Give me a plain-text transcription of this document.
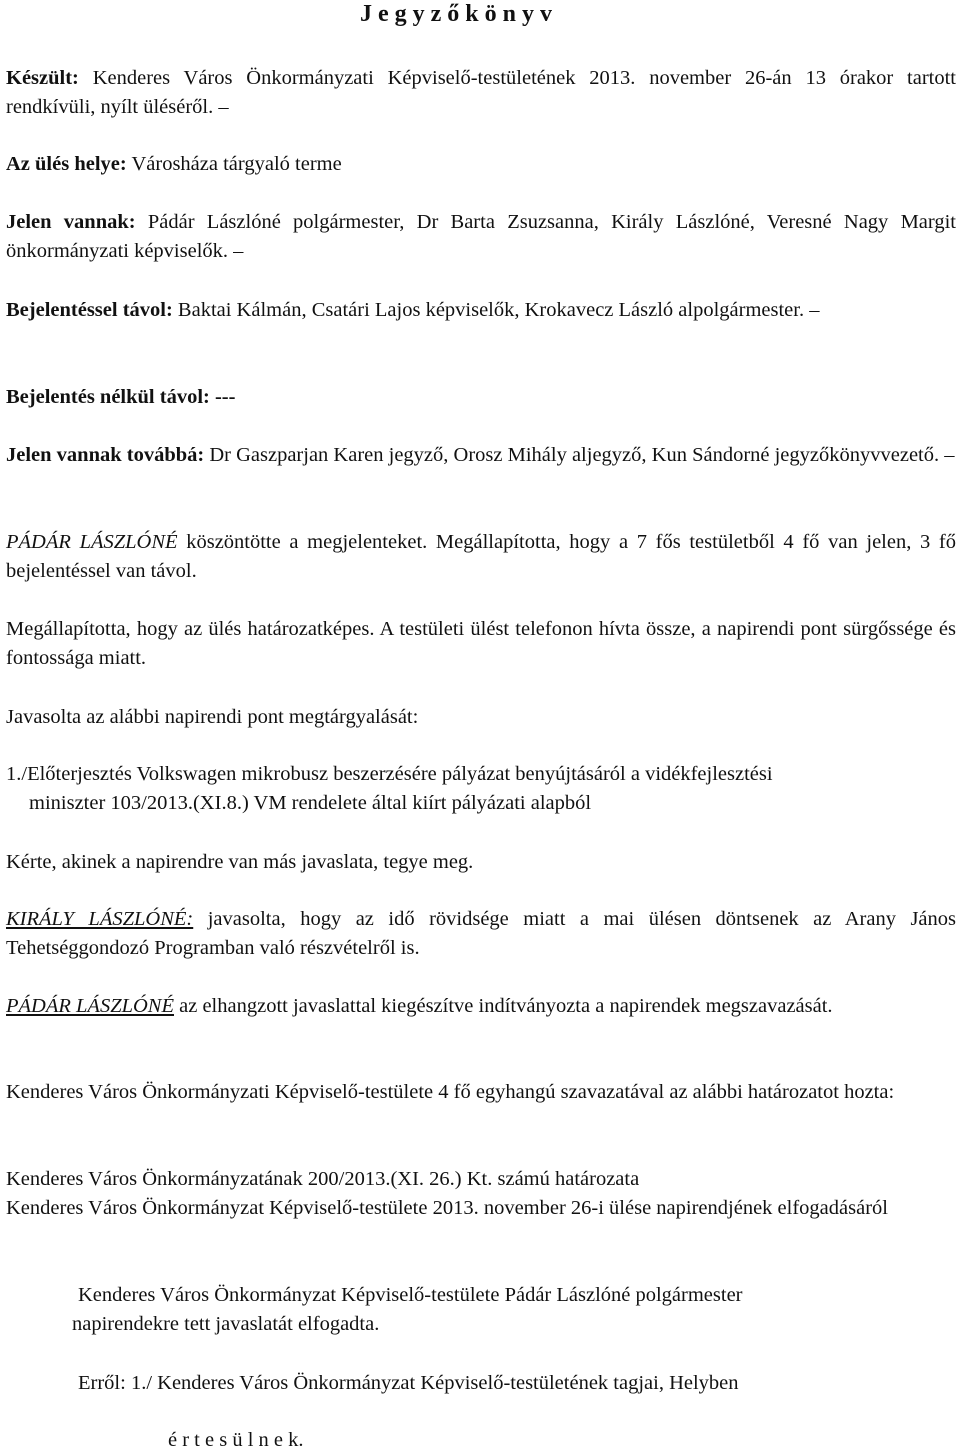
J e g y z ő k ö n y v

Készült: Kenderes Város Önkormányzati Képviselő-testületének 2013. november 26-án 13 órakor tartott rendkívüli, nyílt üléséről. –

Az ülés helye: Városháza tárgyaló terme

Jelen vannak: Pádár Lászlóné polgármester, Dr Barta Zsuzsanna, Király Lászlóné, Veresné Nagy Margit önkormányzati képviselők. –

Bejelentéssel távol: Baktai Kálmán, Csatári Lajos képviselők, Krokavecz László alpolgármester. –

Bejelentés nélkül távol: ---

Jelen vannak továbbá: Dr Gaszparjan Karen jegyző, Orosz Mihály aljegyző, Kun Sándorné jegyzőkönyvvezető. –

PÁDÁR LÁSZLÓNÉ köszöntötte a megjelenteket. Megállapította, hogy a 7 fős testületből 4 fő van jelen, 3 fő bejelentéssel van távol.

Megállapította, hogy az ülés határozatképes. A testületi ülést telefonon hívta össze, a napirendi pont sürgőssége és fontossága miatt.

Javasolta az alábbi napirendi pont megtárgyalását:

1./Előterjesztés Volkswagen mikrobusz beszerzésére pályázat benyújtásáról a vidékfejlesztési
miniszter 103/2013.(XI.8.) VM rendelete által kiírt pályázati alapból

Kérte, akinek a napirendre van más javaslata, tegye meg.

KIRÁLY LÁSZLÓNÉ: javasolta, hogy az idő rövidsége miatt a mai ülésen döntsenek az Arany János Tehetséggondozó Programban való részvételről is.

PÁDÁR LÁSZLÓNÉ az elhangzott javaslattal kiegészítve indítványozta a napirendek megszavazását.

Kenderes Város Önkormányzati Képviselő-testülete 4 fő egyhangú szavazatával az alábbi határozatot hozta:

Kenderes Város Önkormányzatának 200/2013.(XI. 26.) Kt. számú határozata
Kenderes Város Önkormányzat Képviselő-testülete 2013. november 26-i ülése napirendjének elfogadásáról

Kenderes Város Önkormányzat Képviselő-testülete Pádár Lászlóné polgármester
napirendekre tett javaslatát elfogadta.

Erről: 1./ Kenderes Város Önkormányzat Képviselő-testületének tagjai, Helyben

é r t e s ü l n e k.
